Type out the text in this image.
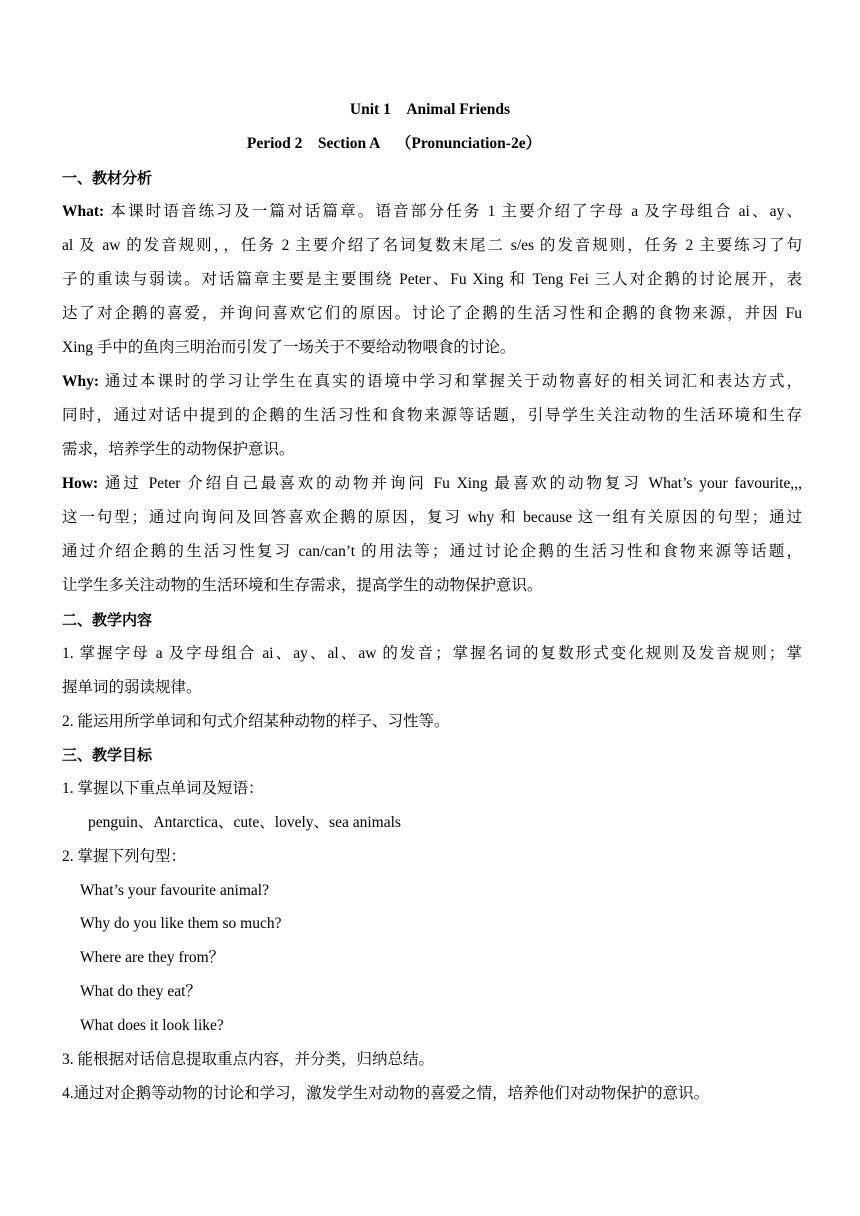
Unit 1    Animal Friends
Period 2    Section A    （Pronunciation-2e）
一、教材分析
What: 本课时语音练习及一篇对话篇章。语音部分任务 1 主要介绍了字母 a 及字母组合 ai、ay、
al 及 aw 的发音规则，，任务 2 主要介绍了名词复数末尾二 s/es 的发音规则，任务 2 主要练习了句
子的重读与弱读。对话篇章主要是主要围绕 Peter、Fu Xing 和 Teng Fei 三人对企鹅的讨论展开，表
达了对企鹅的喜爱，并询问喜欢它们的原因。讨论了企鹅的生活习性和企鹅的食物来源，并因 Fu
Xing 手中的鱼肉三明治而引发了一场关于不要给动物喂食的讨论。
Why: 通过本课时的学习让学生在真实的语境中学习和掌握关于动物喜好的相关词汇和表达方式，
同时，通过对话中提到的企鹅的生活习性和食物来源等话题，引导学生关注动物的生活环境和生存
需求，培养学生的动物保护意识。
How: 通过 Peter 介绍自己最喜欢的动物并询问 Fu Xing 最喜欢的动物复习 What’s your favourite,,,
这一句型；通过向询问及回答喜欢企鹅的原因，复习 why 和 because 这一组有关原因的句型；通过
通过介绍企鹅的生活习性复习 can/can’t 的用法等；通过讨论企鹅的生活习性和食物来源等话题，
让学生多关注动物的生活环境和生存需求，提高学生的动物保护意识。
二、教学内容
1. 掌握字母 a 及字母组合 ai、ay、al、aw 的发音；掌握名词的复数形式变化规则及发音规则；掌
握单词的弱读规律。
2. 能运用所学单词和句式介绍某种动物的样子、习性等。
三、教学目标
1. 掌握以下重点单词及短语：
penguin、Antarctica、cute、lovely、sea animals
2. 掌握下列句型：
What’s your favourite animal?
Why do you like them so much?
Where are they from？
What do they eat？
What does it look like?
3. 能根据对话信息提取重点内容，并分类，归纳总结。
4.通过对企鹅等动物的讨论和学习，激发学生对动物的喜爱之情，培养他们对动物保护的意识。
